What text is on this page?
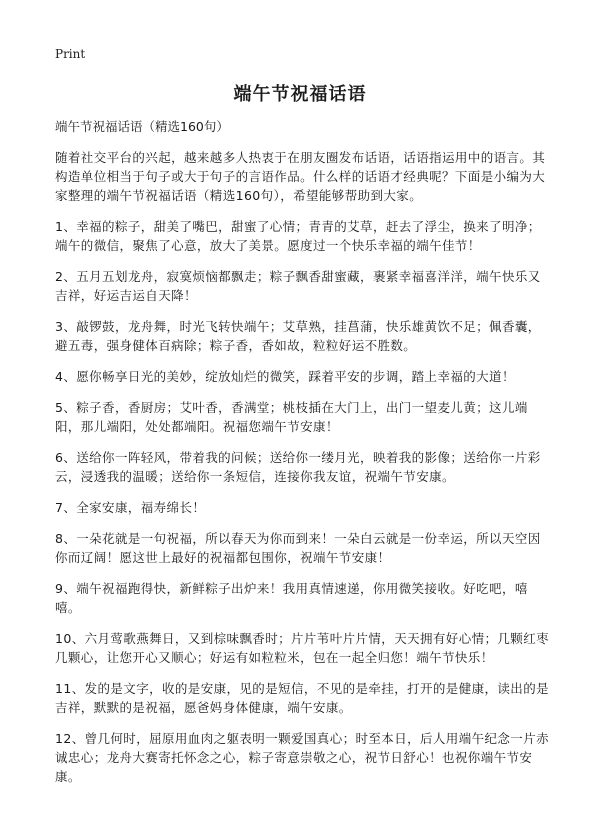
Print
端午节祝福话语

端午节祝福话语（精选160句）

随着社交平台的兴起，越来越多人热衷于在朋友圈发布话语，话语指运用中的语言。其构造单位相当于句子或大于句子的言语作品。什么样的话语才经典呢？下面是小编为大家整理的端午节祝福话语（精选160句），希望能够帮助到大家。

1、幸福的粽子，甜美了嘴巴，甜蜜了心情；青青的艾草，赶去了浮尘，换来了明净；端午的微信，聚焦了心意，放大了美景。愿度过一个快乐幸福的端午佳节！

2、五月五划龙舟，寂寞烦恼都飘走；粽子飘香甜蜜藏，裹紧幸福喜洋洋，端午快乐又吉祥，好运吉运自天降！

3、敲锣鼓，龙舟舞，时光飞转快端午；艾草熟，挂菖蒲，快乐雄黄饮不足；佩香囊，避五毒，强身健体百病除；粽子香，香如故，粒粒好运不胜数。

4、愿你畅享日光的美妙，绽放灿烂的微笑，踩着平安的步调，踏上幸福的大道！

5、粽子香，香厨房；艾叶香，香满堂；桃枝插在大门上，出门一望麦儿黄；这儿端阳，那儿端阳，处处都端阳。祝福您端午节安康！

6、送给你一阵轻风，带着我的问候；送给你一缕月光，映着我的影像；送给你一片彩云，浸透我的温暖；送给你一条短信，连接你我友谊，祝端午节安康。

7、全家安康，福寿绵长！

8、一朵花就是一句祝福，所以春天为你而到来！一朵白云就是一份幸运，所以天空因你而辽阔！愿这世上最好的祝福都包围你，祝端午节安康！

9、端午祝福跑得快，新鲜粽子出炉来！我用真情速递，你用微笑接收。好吃吧，嘻嘻。

10、六月莺歌燕舞日，又到棕味飘香时；片片苇叶片片情，天天拥有好心情；几颗红枣几颗心，让您开心又顺心；好运有如粒粒米，包在一起全归您！端午节快乐！

11、发的是文字，收的是安康，见的是短信，不见的是牵挂，打开的是健康，读出的是吉祥，默默的是祝福，愿爸妈身体健康，端午安康。

12、曾几何时，屈原用血肉之躯表明一颗爱国真心；时至本日，后人用端午纪念一片赤诚忠心；龙舟大赛寄托怀念之心，粽子寄意崇敬之心，祝节日舒心！也祝你端午节安康。
